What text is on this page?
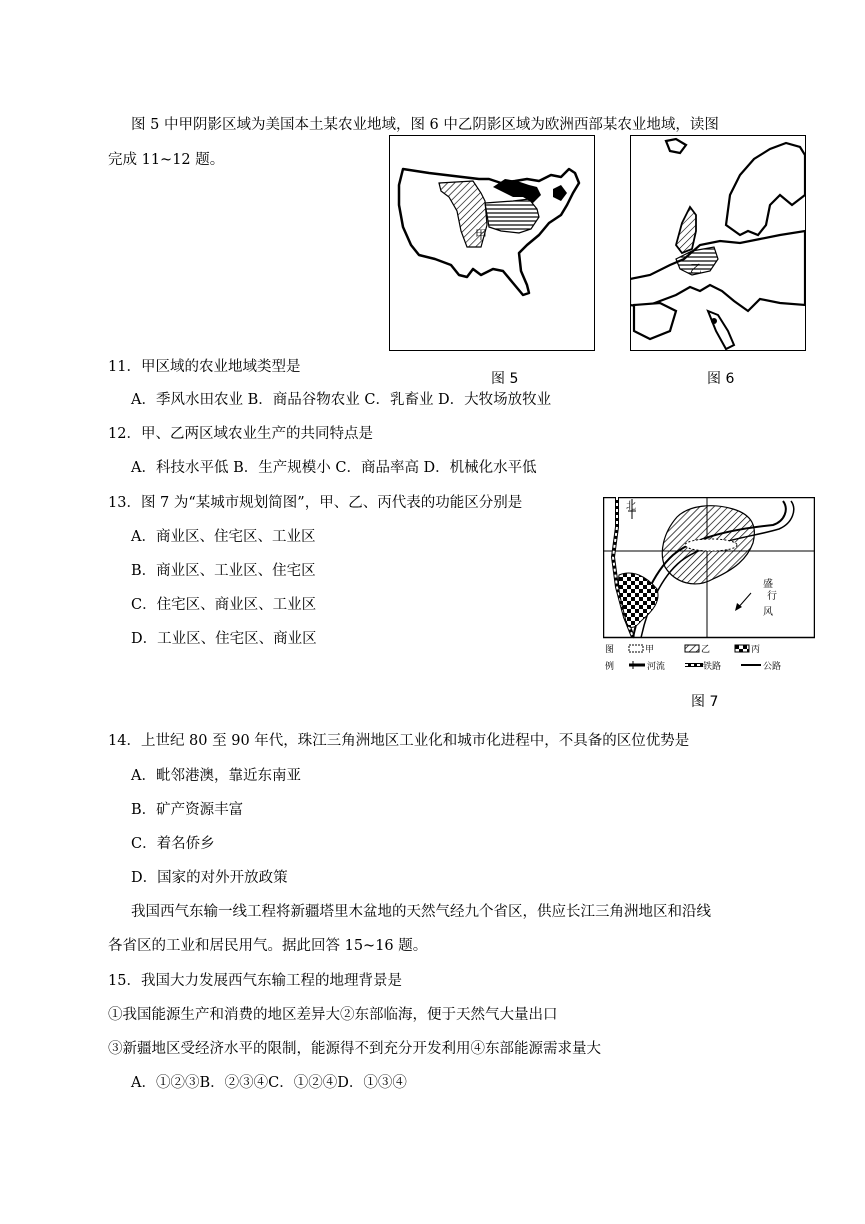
图 5 中甲阴影区域为美国本土某农业地域，图 6 中乙阴影区域为欧洲西部某农业地域，读图
完成 11~12 题。
甲
图 5
乙
图 6
11．甲区域的农业地域类型是
A．季风水田农业 B．商品谷物农业 C．乳畜业 D．大牧场放牧业
12．甲、乙两区域农业生产的共同特点是
A．科技水平低 B．生产规模小 C．商品率高 D．机械化水平低
13．图 7 为“某城市规划简图”，甲、乙、丙代表的功能区分别是
A．商业区、住宅区、工业区
B．商业区、工业区、住宅区
C．住宅区、商业区、工业区
D．工业区、住宅区、商业区
北
盛
行
风
图
例
甲	乙	丙
河流	铁路	公路
图 7
14．上世纪 80 至 90 年代，珠江三角洲地区工业化和城市化进程中，不具备的区位优势是
A．毗邻港澳，靠近东南亚
B．矿产资源丰富
C．着名侨乡
D．国家的对外开放政策
我国西气东输一线工程将新疆塔里木盆地的天然气经九个省区，供应长江三角洲地区和沿线
各省区的工业和居民用气。据此回答 15~16 题。
15．我国大力发展西气东输工程的地理背景是
①我国能源生产和消费的地区差异大②东部临海，便于天然气大量出口
③新疆地区受经济水平的限制，能源得不到充分开发利用④东部能源需求量大
A．①②③B．②③④C．①②④D．①③④
